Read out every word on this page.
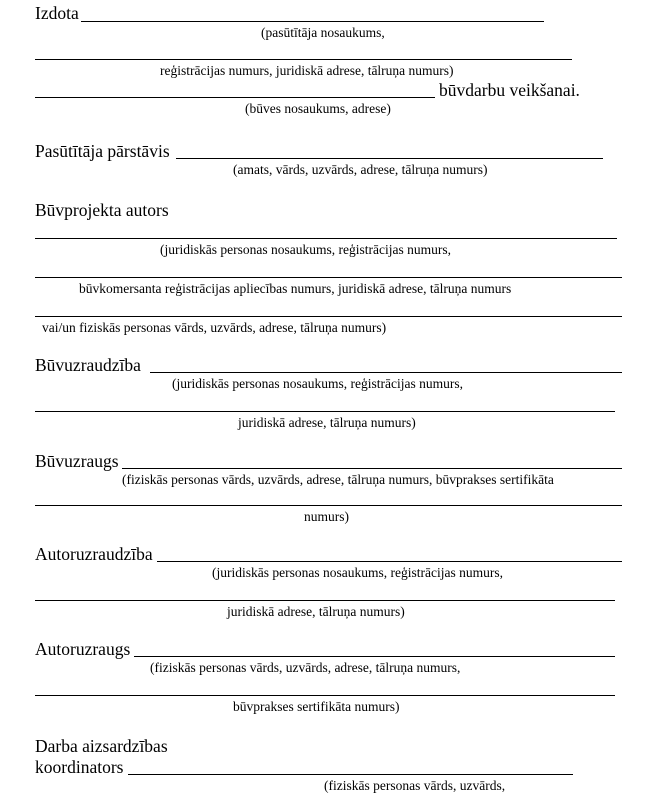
Izdota
(pasūtītāja nosaukums,
reģistrācijas numurs, juridiskā adrese, tālruņa numurs)
būvdarbu veikšanai.
(būves nosaukums, adrese)
Pasūtītāja pārstāvis
(amats, vārds, uzvārds, adrese, tālruņa numurs)
Būvprojekta autors
(juridiskās personas nosaukums, reģistrācijas numurs,
būvkomersanta reģistrācijas apliecības numurs, juridiskā adrese, tālruņa numurs
vai/un fiziskās personas vārds, uzvārds, adrese, tālruņa numurs)
Būvuzraudzība
(juridiskās personas nosaukums, reģistrācijas numurs,
juridiskā adrese, tālruņa numurs)
Būvuzraugs
(fiziskās personas vārds, uzvārds, adrese, tālruņa numurs, būvprakses sertifikāta
numurs)
Autoruzraudzība
(juridiskās personas nosaukums, reģistrācijas numurs,
juridiskā adrese, tālruņa numurs)
Autoruzraugs
(fiziskās personas vārds, uzvārds, adrese, tālruņa numurs,
būvprakses sertifikāta numurs)
Darba aizsardzības
koordinators
(fiziskās personas vārds, uzvārds,
